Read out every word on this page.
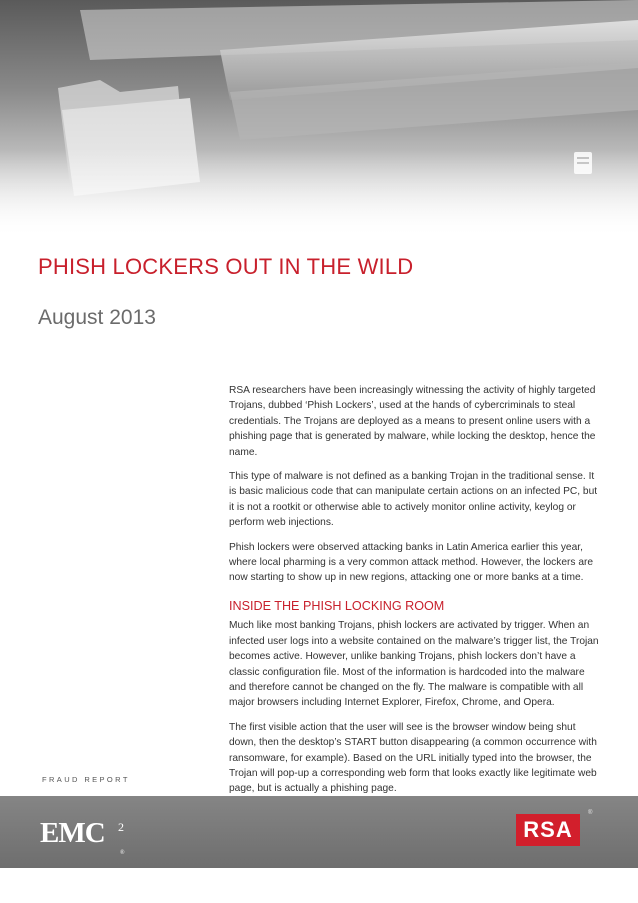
PHISH LOCKERS OUT IN THE WILD
August 2013

RSA researchers have been increasingly witnessing the activity of highly targeted Trojans, dubbed ‘Phish Lockers’, used at the hands of cybercriminals to steal credentials. The Trojans are deployed as a means to present online users with a phishing page that is generated by malware, while locking the desktop, hence the name.

This type of malware is not defined as a banking Trojan in the traditional sense. It is basic malicious code that can manipulate certain actions on an infected PC, but it is not a rootkit or otherwise able to actively monitor online activity, keylog or perform web injections.

Phish lockers were observed attacking banks in Latin America earlier this year, where local pharming is a very common attack method. However, the lockers are now starting to show up in new regions, attacking one or more banks at a time.

INSIDE THE PHISH LOCKING ROOM

Much like most banking Trojans, phish lockers are activated by trigger. When an infected user logs into a website contained on the malware’s trigger list, the Trojan becomes active. However, unlike banking Trojans, phish lockers don’t have a classic configuration file. Most of the information is hardcoded into the malware and therefore cannot be changed on the fly. The malware is compatible with all major browsers including Internet Explorer, Firefox, Chrome, and Opera.

The first visible action that the user will see is the browser window being shut down, then the desktop’s START button disappearing (a common occurrence with ransomware, for example). Based on the URL initially typed into the browser, the Trojan will pop-up a corresponding web form that looks exactly like legitimate web page, but is actually a phishing page.

FRAUD REPORT
EMC 2
®
RSA
®
